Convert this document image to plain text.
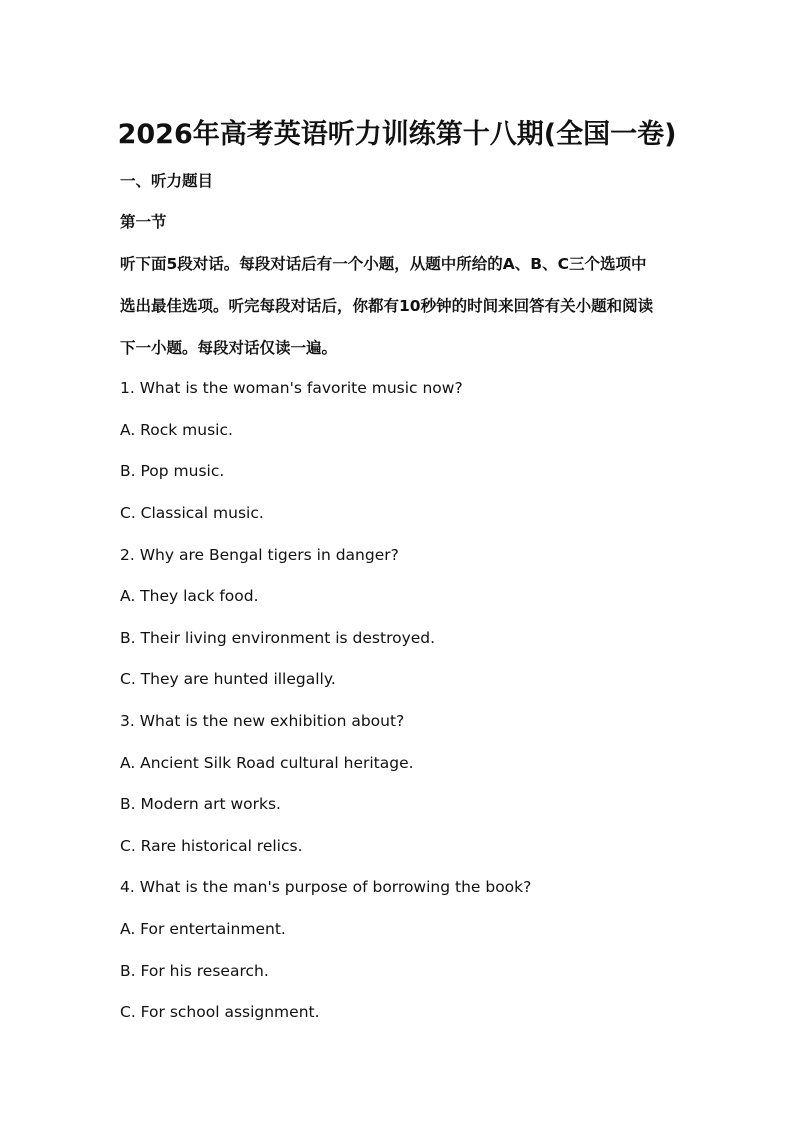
2026年高考英语听力训练第十八期(全国一卷)
一、听力题目
第一节
听下面5段对话。每段对话后有一个小题，从题中所给的A、B、C三个选项中
选出最佳选项。听完每段对话后，你都有10秒钟的时间来回答有关小题和阅读
下一小题。每段对话仅读一遍。
1. What is the woman's favorite music now?
A. Rock music.
B. Pop music.
C. Classical music.
2. Why are Bengal tigers in danger?
A. They lack food.
B. Their living environment is destroyed.
C. They are hunted illegally.
3. What is the new exhibition about?
A. Ancient Silk Road cultural heritage.
B. Modern art works.
C. Rare historical relics.
4. What is the man's purpose of borrowing the book?
A. For entertainment.
B. For his research.
C. For school assignment.
